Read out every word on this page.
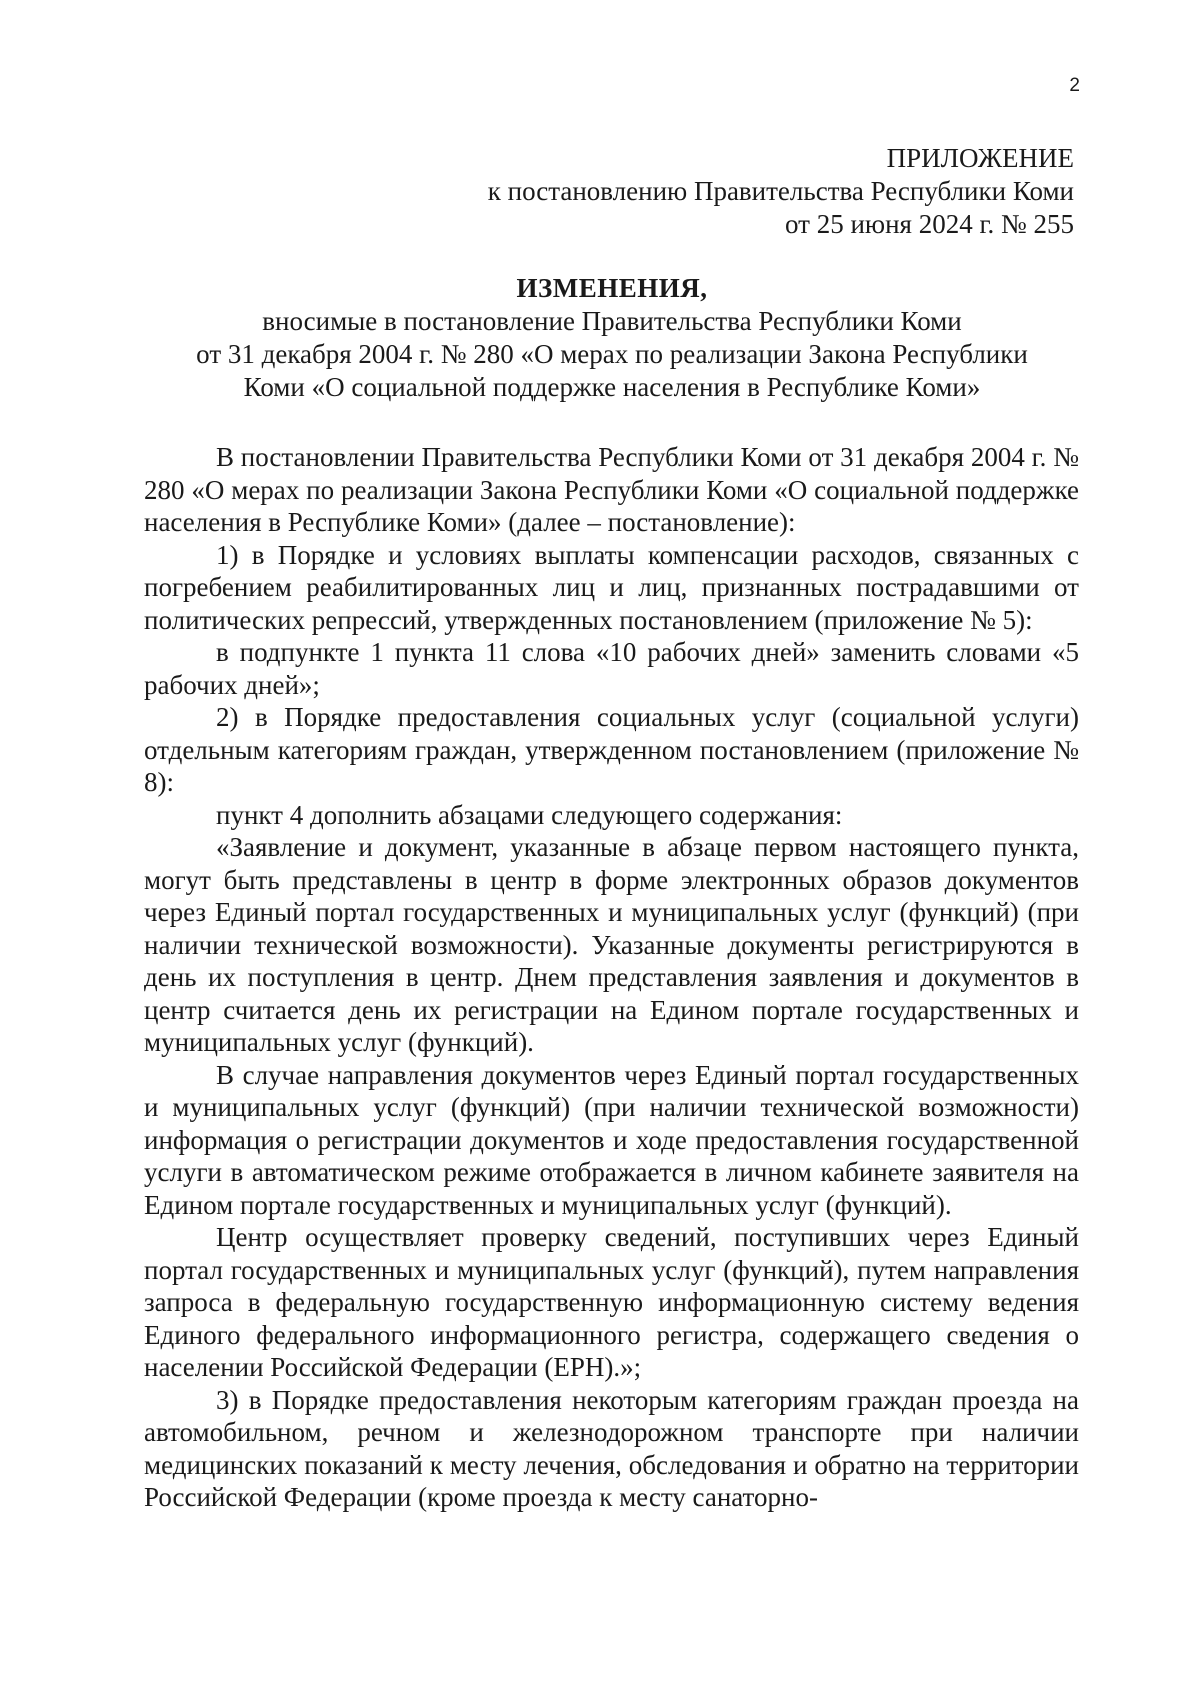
2
ПРИЛОЖЕНИЕ
к постановлению Правительства Республики Коми
от 25 июня 2024 г. № 255
ИЗМЕНЕНИЯ,
вносимые в постановление Правительства Республики Коми
от 31 декабря 2004 г. № 280 «О мерах по реализации Закона Республики
Коми «О социальной поддержке населения в Республике Коми»

В постановлении Правительства Республики Коми от 31 декабря 2004 г. № 280 «О мерах по реализации Закона Республики Коми «О социальной поддержке населения в Республике Коми» (далее – постановление):

1) в Порядке и условиях выплаты компенсации расходов, связанных с погребением реабилитированных лиц и лиц, признанных пострадавшими от политических репрессий, утвержденных постановлением (приложение № 5):

в подпункте 1 пункта 11 слова «10 рабочих дней» заменить словами «5 рабочих дней»;

2) в Порядке предоставления социальных услуг (социальной услуги) отдельным категориям граждан, утвержденном постановлением (приложение № 8):

пункт 4 дополнить абзацами следующего содержания:

«Заявление и документ, указанные в абзаце первом настоящего пункта, могут быть представлены в центр в форме электронных образов документов через Единый портал государственных и муниципальных услуг (функций) (при наличии технической возможности). Указанные документы регистрируются в день их поступления в центр. Днем представления заявления и документов в центр считается день их регистрации на Едином портале государственных и муниципальных услуг (функций).

В случае направления документов через Единый портал государственных и муниципальных услуг (функций) (при наличии технической возможности) информация о регистрации документов и ходе предоставления государственной услуги в автоматическом режиме отображается в личном кабинете заявителя на Едином портале государственных и муниципальных услуг (функций).

Центр осуществляет проверку сведений, поступивших через Единый портал государственных и муниципальных услуг (функций), путем направления запроса в федеральную государственную информационную систему ведения Единого федерального информационного регистра, содержащего сведения о населении Российской Федерации (ЕРН).»;

3) в Порядке предоставления некоторым категориям граждан проезда на автомобильном, речном и железнодорожном транспорте при наличии медицинских показаний к месту лечения, обследования и обратно на территории Российской Федерации (кроме проезда к месту санаторно-
